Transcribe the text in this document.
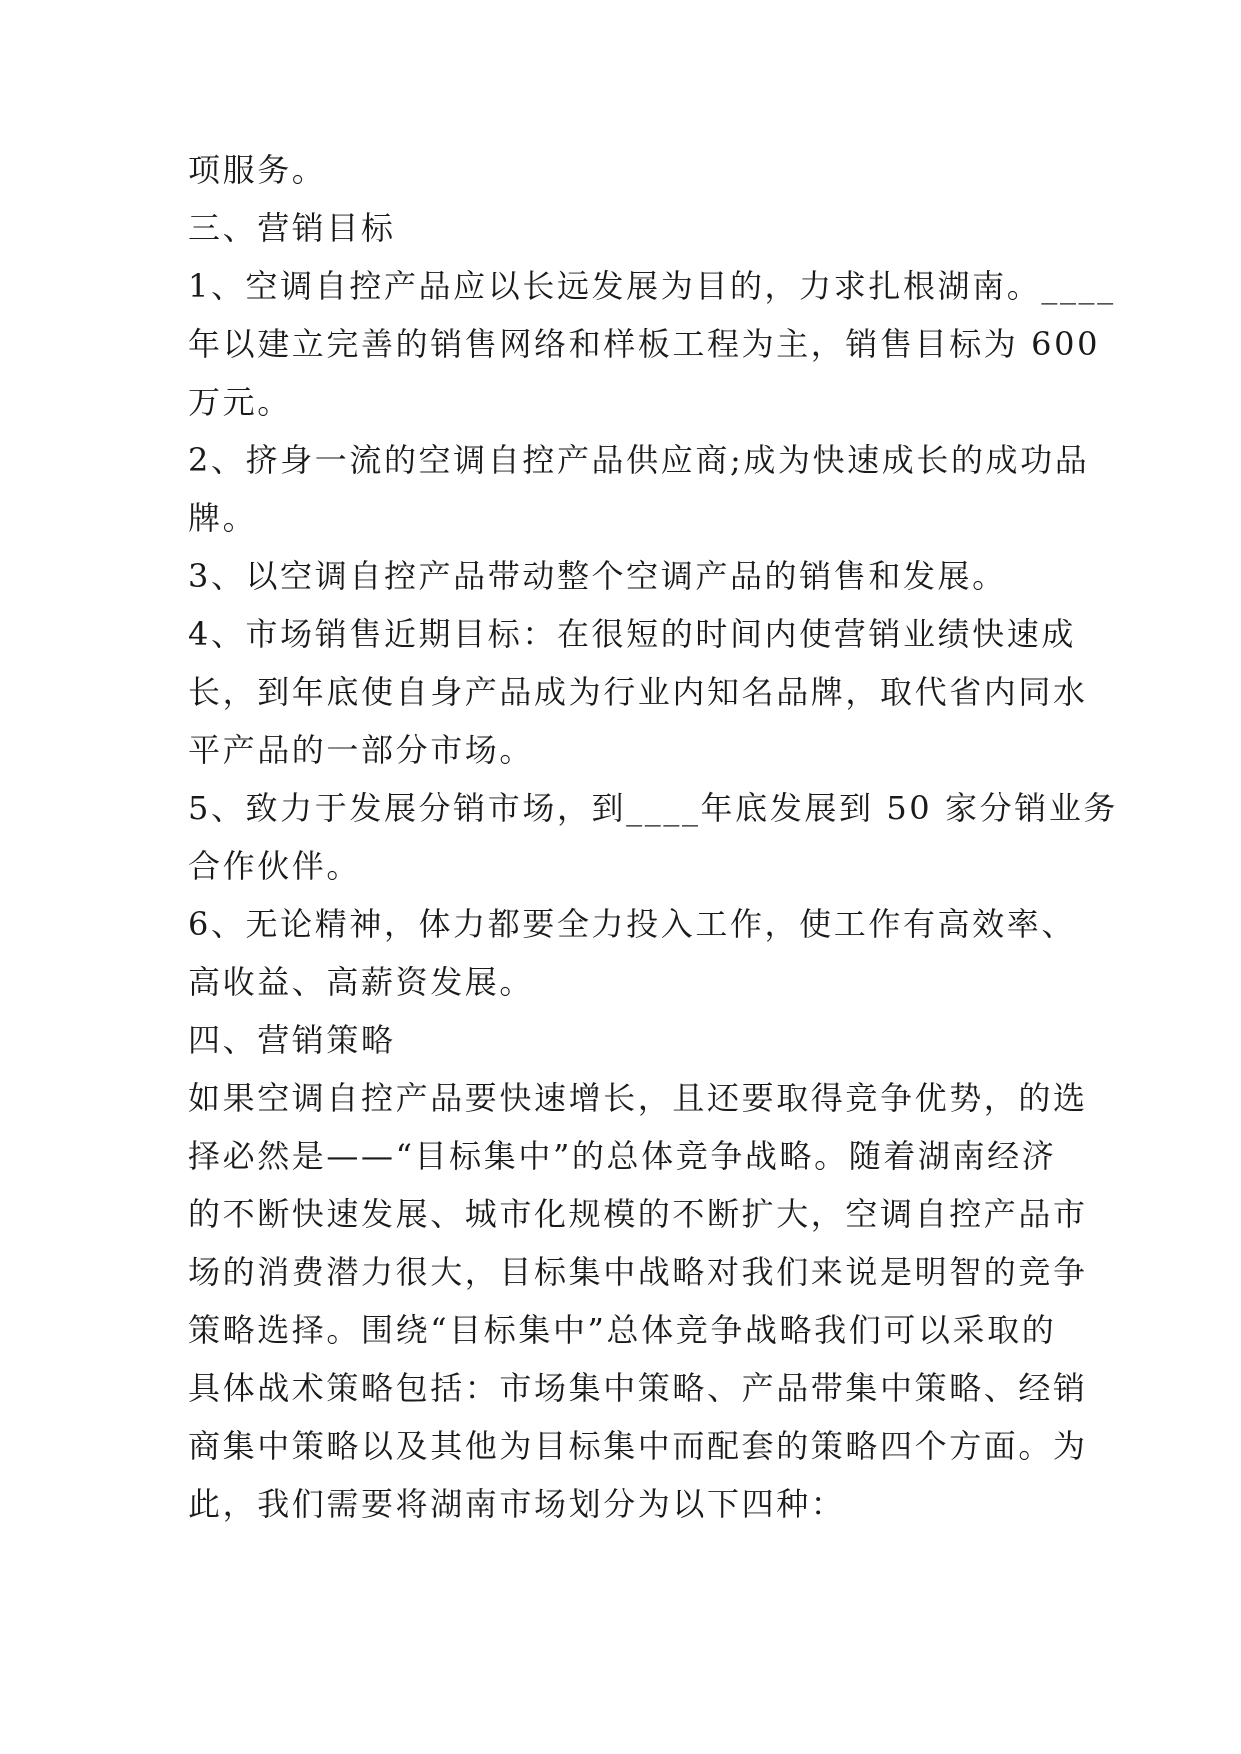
项服务。
三、营销目标
1、空调自控产品应以长远发展为目的，力求扎根湖南。____
年以建立完善的销售网络和样板工程为主，销售目标为 600
万元。
2、挤身一流的空调自控产品供应商;成为快速成长的成功品
牌。
3、以空调自控产品带动整个空调产品的销售和发展。
4、市场销售近期目标：在很短的时间内使营销业绩快速成
长，到年底使自身产品成为行业内知名品牌，取代省内同水
平产品的一部分市场。
5、致力于发展分销市场，到____年底发展到 50 家分销业务
合作伙伴。
6、无论精神，体力都要全力投入工作，使工作有高效率、
高收益、高薪资发展。
四、营销策略
如果空调自控产品要快速增长，且还要取得竞争优势，的选
择必然是——“目标集中”的总体竞争战略。随着湖南经济
的不断快速发展、城市化规模的不断扩大，空调自控产品市
场的消费潜力很大，目标集中战略对我们来说是明智的竞争
策略选择。围绕“目标集中”总体竞争战略我们可以采取的
具体战术策略包括：市场集中策略、产品带集中策略、经销
商集中策略以及其他为目标集中而配套的策略四个方面。为
此，我们需要将湖南市场划分为以下四种：
